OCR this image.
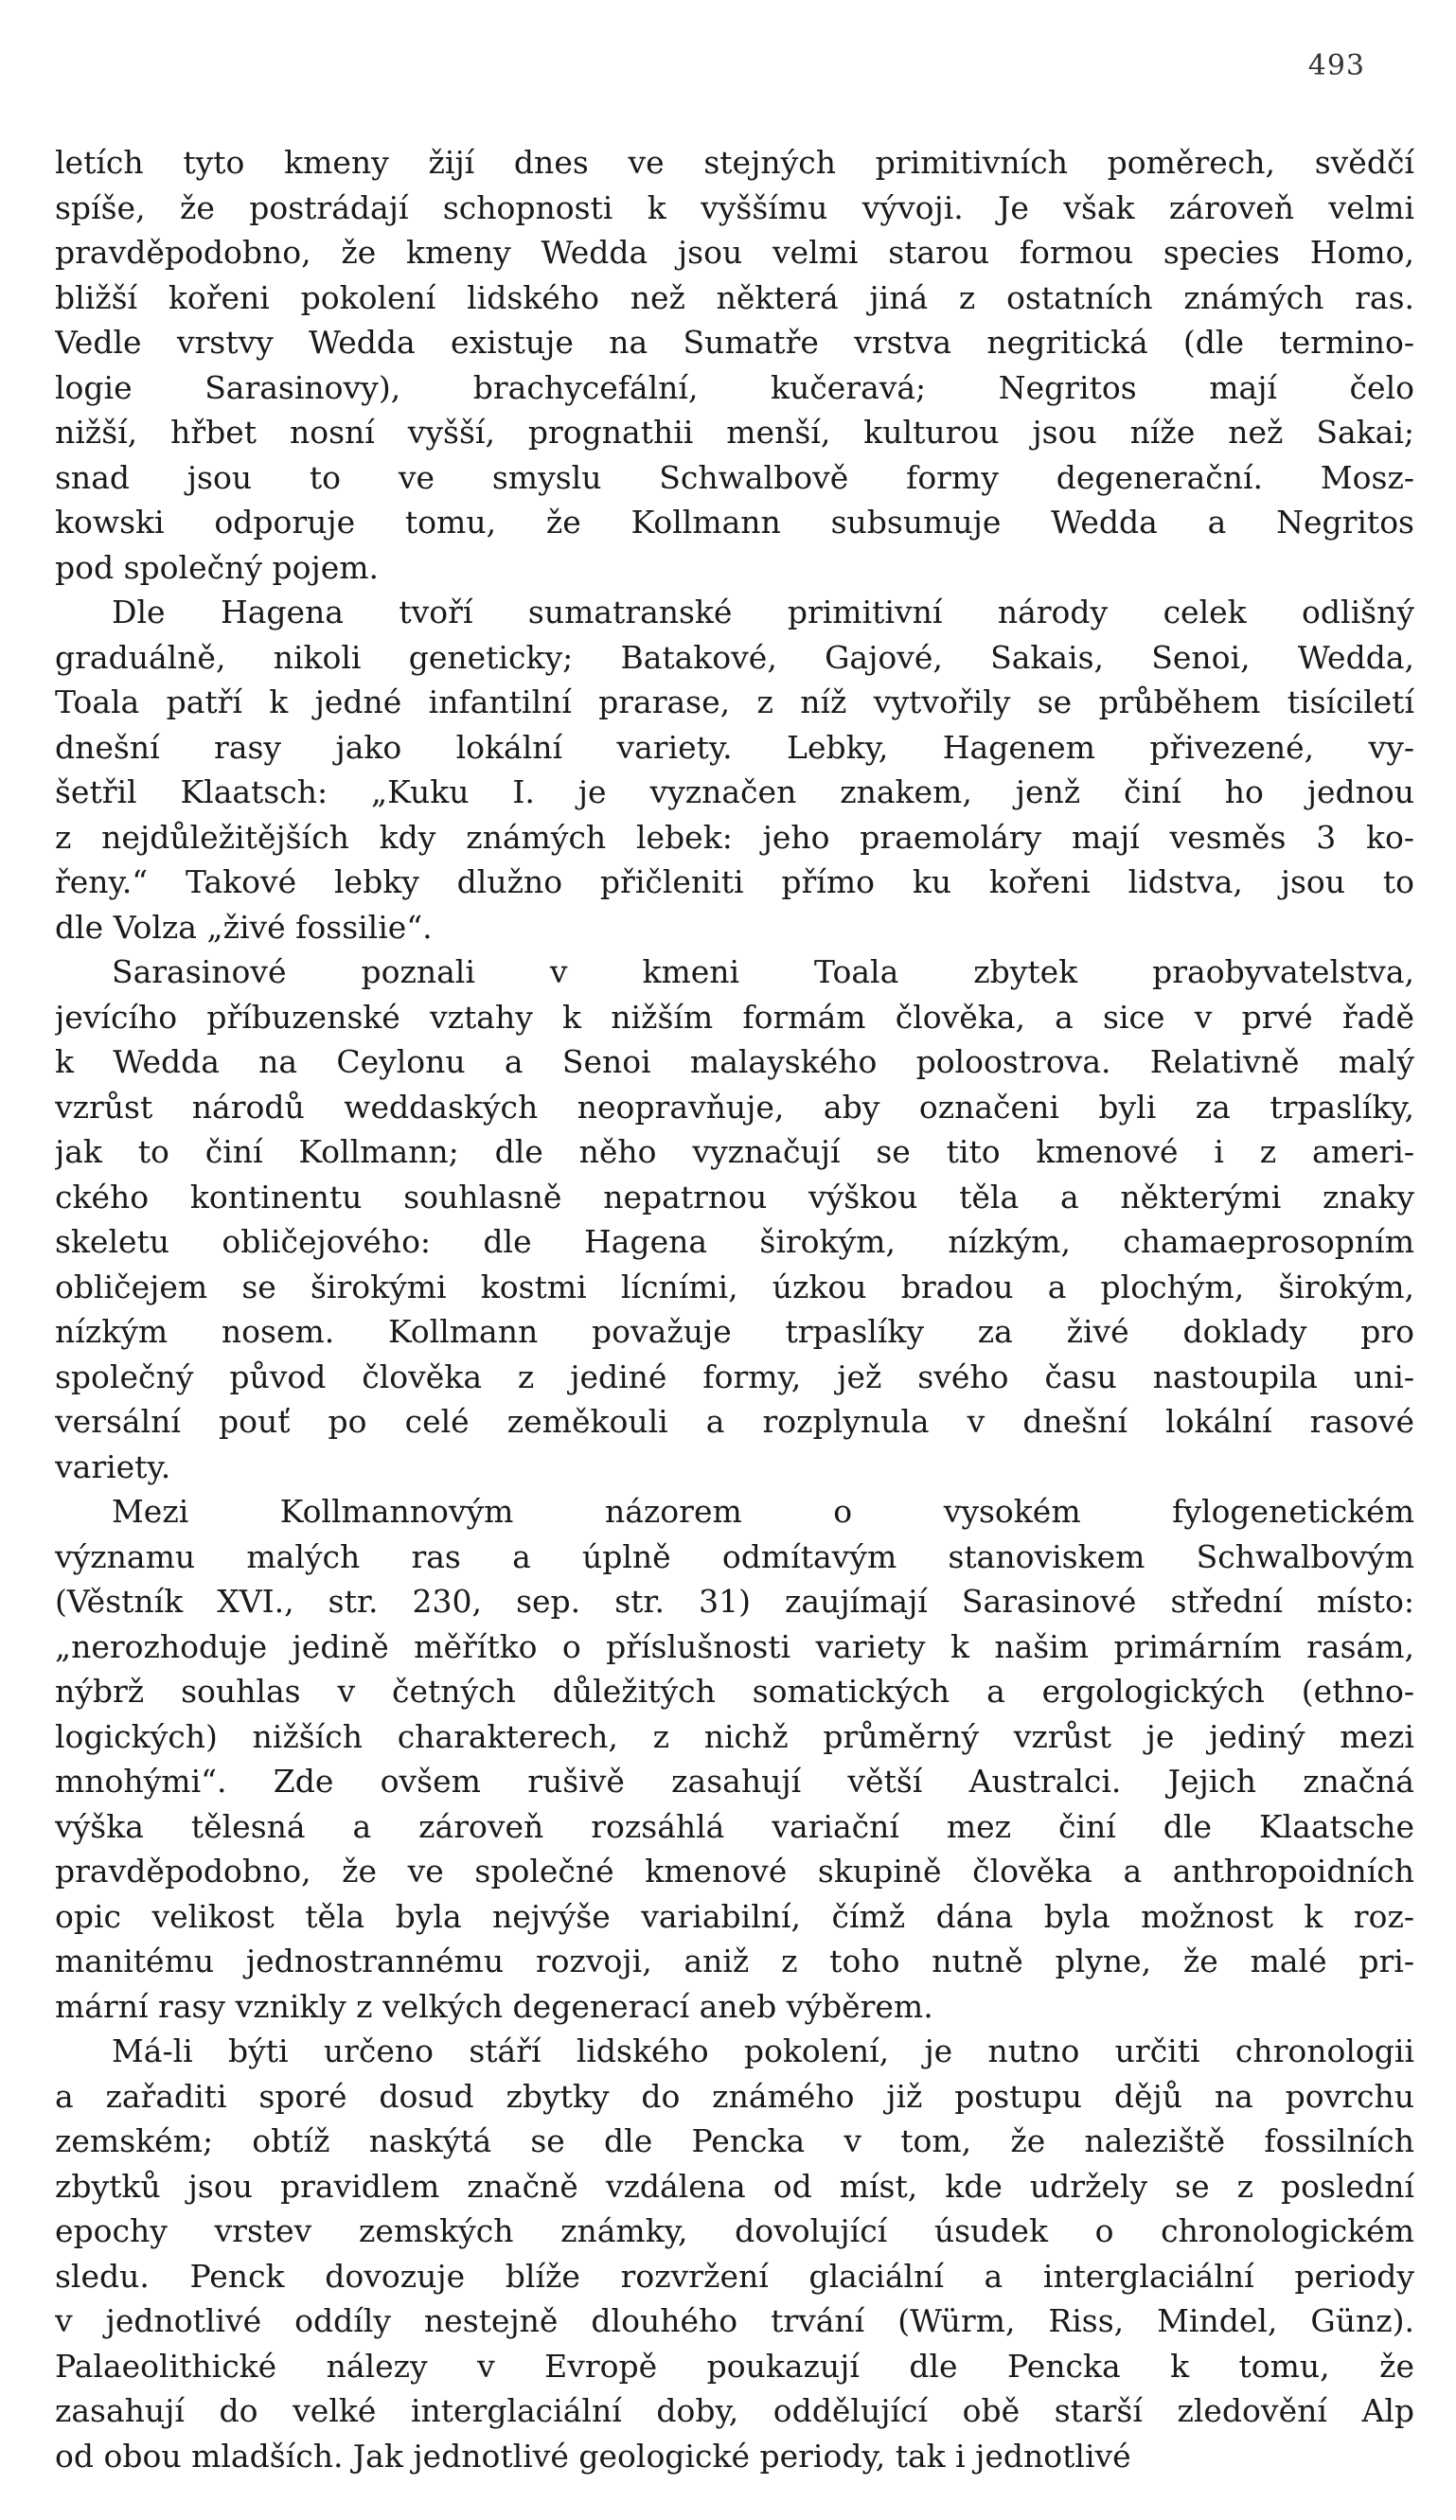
493
letích tyto kmeny žijí dnes ve stejných primitivních poměrech, svědčí
spíše, že postrádají schopnosti k vyššímu vývoji. Je však zároveň velmi
pravděpodobno, že kmeny Wedda jsou velmi starou formou species Homo,
bližší kořeni pokolení lidského než některá jiná z ostatních známých ras.
Vedle vrstvy Wedda existuje na Sumatře vrstva negritická (dle termino-
logie Sarasinovy), brachycefální, kučeravá; Negritos mají čelo
nižší, hřbet nosní vyšší, prognathii menší, kulturou jsou níže než Sakai;
snad jsou to ve smyslu Schwalbově formy degenerační. Mosz-
kowski odporuje tomu, že Kollmann subsumuje Wedda a Negritos
pod společný pojem.
Dle Hagena tvoří sumatranské primitivní národy celek odlišný
graduálně, nikoli geneticky; Batakové, Gajové, Sakais, Senoi, Wedda,
Toala patří k jedné infantilní prarase, z níž vytvořily se průběhem tisíciletí
dnešní rasy jako lokální variety. Lebky, Hagenem přivezené, vy-
šetřil Klaatsch: „Kuku I. je vyznačen znakem, jenž činí ho jednou
z nejdůležitějších kdy známých lebek: jeho praemoláry mají vesměs 3 ko-
řeny.“ Takové lebky dlužno přičleniti přímo ku kořeni lidstva, jsou to
dle Volza „živé fossilie“.
Sarasinové poznali v kmeni Toala zbytek praobyvatelstva,
jevícího příbuzenské vztahy k nižším formám člověka, a sice v prvé řadě
k Wedda na Ceylonu a Senoi malayského poloostrova. Relativně malý
vzrůst národů weddaských neopravňuje, aby označeni byli za trpaslíky,
jak to činí Kollmann; dle něho vyznačují se tito kmenové i z ameri-
ckého kontinentu souhlasně nepatrnou výškou těla a některými znaky
skeletu obličejového: dle Hagena širokým, nízkým, chamaeprosopním
obličejem se širokými kostmi lícními, úzkou bradou a plochým, širokým,
nízkým nosem. Kollmann považuje trpaslíky za živé doklady pro
společný původ člověka z jediné formy, jež svého času nastoupila uni-
versální pouť po celé zeměkouli a rozplynula v dnešní lokální rasové
variety.
Mezi Kollmannovým názorem o vysokém fylogenetickém
významu malých ras a úplně odmítavým stanoviskem Schwalbovým
(Věstník XVI., str. 230, sep. str. 31) zaujímají Sarasinové střední místo:
„nerozhoduje jedině měřítko o příslušnosti variety k našim primárním rasám,
nýbrž souhlas v četných důležitých somatických a ergologických (ethno-
logických) nižších charakterech, z nichž průměrný vzrůst je jediný mezi
mnohými“. Zde ovšem rušivě zasahují větší Australci. Jejich značná
výška tělesná a zároveň rozsáhlá variační mez činí dle Klaatsche
pravděpodobno, že ve společné kmenové skupině člověka a anthropoidních
opic velikost těla byla nejvýše variabilní, čímž dána byla možnost k roz-
manitému jednostrannému rozvoji, aniž z toho nutně plyne, že malé pri-
mární rasy vznikly z velkých degenerací aneb výběrem.
Má-li býti určeno stáří lidského pokolení, je nutno určiti chronologii
a zařaditi sporé dosud zbytky do známého již postupu dějů na povrchu
zemském; obtíž naskýtá se dle Pencka v tom, že naleziště fossilních
zbytků jsou pravidlem značně vzdálena od míst, kde udržely se z poslední
epochy vrstev zemských známky, dovolující úsudek o chronologickém
sledu. Penck dovozuje blíže rozvržení glaciální a interglaciální periody
v jednotlivé oddíly nestejně dlouhého trvání (Würm, Riss, Mindel, Günz).
Palaeolithické nálezy v Evropě poukazují dle Pencka k tomu, že
zasahují do velké interglaciální doby, oddělující obě starší zledovění Alp
od obou mladších. Jak jednotlivé geologické periody, tak i jednotlivé
